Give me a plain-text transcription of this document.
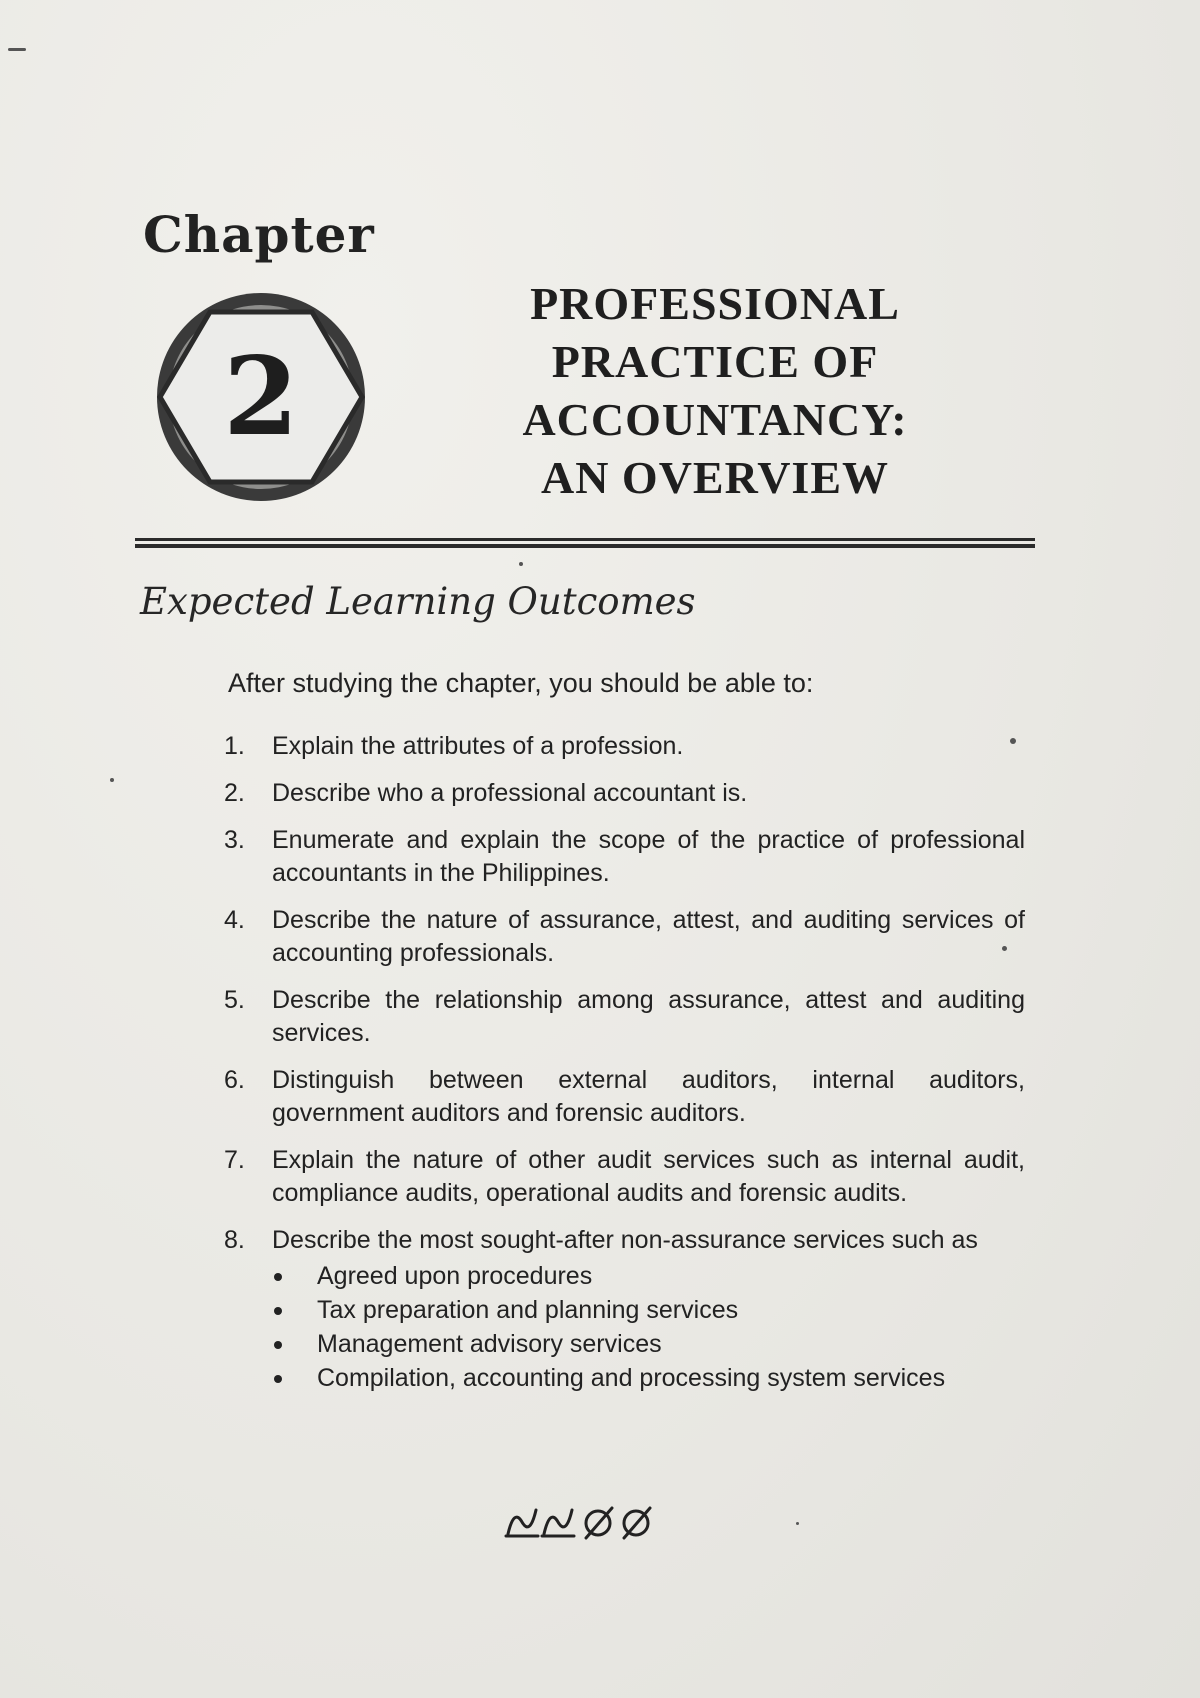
Chapter
2
PROFESSIONAL
PRACTICE OF
ACCOUNTANCY:
AN OVERVIEW
Expected Learning Outcomes
After studying the chapter, you should be able to:
1. Explain the attributes of a profession.
2. Describe who a professional accountant is.
3. Enumerate and explain the scope of the practice of professional accountants in the Philippines.
4. Describe the nature of assurance, attest, and auditing services of accounting professionals.
5. Describe the relationship among assurance, attest and auditing services.
6. Distinguish between external auditors, internal auditors, government auditors and forensic auditors.
7. Explain the nature of other audit services such as internal audit, compliance audits, operational audits and forensic audits.
8. Describe the most sought-after non-assurance services such as
Agreed upon procedures
Tax preparation and planning services
Management advisory services
Compilation, accounting and processing system services
